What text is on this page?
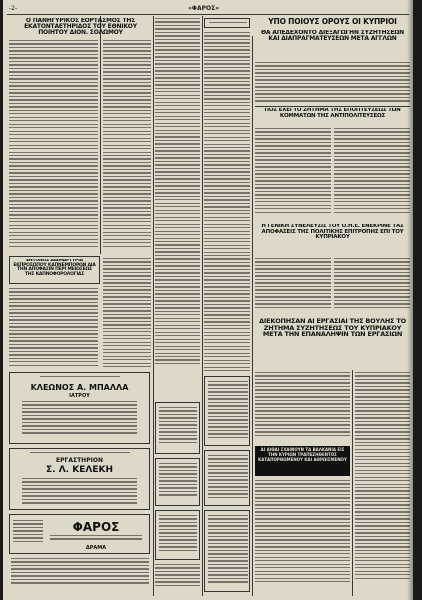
-2-	«ΦΑΡΟΣ»
Ο ΠΑΝΗΓΥΡΙΚΟΣ ΕΟΡΤΑΣΜΟΣ ΤΗΣ ΕΚΑΤΟΝΤΑΕΤΗΡΙΔΟΣ ΤΟΥ ΕΘΝΙΚΟΥ ΠΟΙΗΤΟΥ ΔΙΟΝ. ΣΟΛΩΜΟΥ
ΕΝΤΟΝΟΣ ΔΙΑΜΑΡΤΥΡΙΑ ΕΚΠΡΟΣΩΠΟΥ ΚΑΠΝΕΜΠΟΡΩΝ ΔΙΑ ΤΗΝ ΑΠΟΦΑΣΙΝ ΠΕΡΙ ΜΕΙΩΣΕΩΣ ΤΗΣ ΚΑΠΝΟΦΟΡΟΛΟΓΙΑΣ
ΚΛΕΩΝΟΣ Α. ΜΠΑΛΛΑ
ΙΑΤΡΟΥ
ΕΡΓΑΣΤΗΡΙΟΝ
Σ. Λ. ΚΕΛΕΚΗ
ΦΑΡΟΣ
ΔΡΑΜΑ
ΥΠΟ ΠΟΙΟΥΣ ΟΡΟΥΣ ΟΙ ΚΥΠΡΙΟΙ
ΘΑ ΑΠΕΔΕΧΟΝΤΟ ΔΙΕΞΑΓΩΓΗΝ ΣΥΖΗΤΗΣΕΩΝ ΚΑΙ ΔΙΑΠΡΑΓΜΑΤΕΥΣΕΩΝ ΜΕΤΑ ΑΓΓΛΩΝ
ΠΟΣ ΕΧΕΙ ΤΟ ΖΗΤΗΜΑ ΤΗΣ ΕΠΟΠΤΕΥΣΕΩΣ ΤΩΝ ΚΟΜΜΑΤΩΝ ΤΗΣ ΑΝΤΙΠΟΛΙΤΕΥΣΕΩΣ
Η ΓΕΝΙΚΗ ΣΥΝΕΛΕΥΣΙΣ ΤΟΥ Ο.Η.Ε. ΕΝΕΚΡΙΝΕ ΤΑΣ ΑΠΟΦΑΣΕΙΣ ΤΗΣ ΠΟΛΙΤΙΚΗΣ ΕΠΙΤΡΟΠΗΣ ΕΠΙ ΤΟΥ ΚΥΠΡΙΑΚΟΥ
ΔΙΕΚΟΠΗΣΑΝ ΑΙ ΕΡΓΑΣΙΑΙ ΤΗΣ ΒΟΥΛΗΣ ΤΟ ΖΗΤΗΜΑ ΣΥΖΗΤΗΣΕΩΣ ΤΟΥ ΚΥΠΡΙΑΚΟΥ ΜΕΤΑ ΤΗΝ ΕΠΑΝΑΛΗΨΙΝ ΤΩΝ ΕΡΓΑΣΙΩΝ
ΑΙ ΑΙΘΑΙ ΣΧΑΙΝΟΥΝ ΤΑ ΒΑΛΚΑΝΙΑ ΕΙΣ ΤΗΝ ΚΥΡΙΩΝ ΤΡΑΠΕΖΗΘΕΝΤΟΣ ΚΑΤΑΠΟΡΘΩΜΕΝΟΥ ΚΑΙ ΑΘΡΩΙΣΜΕΝΟΥ
